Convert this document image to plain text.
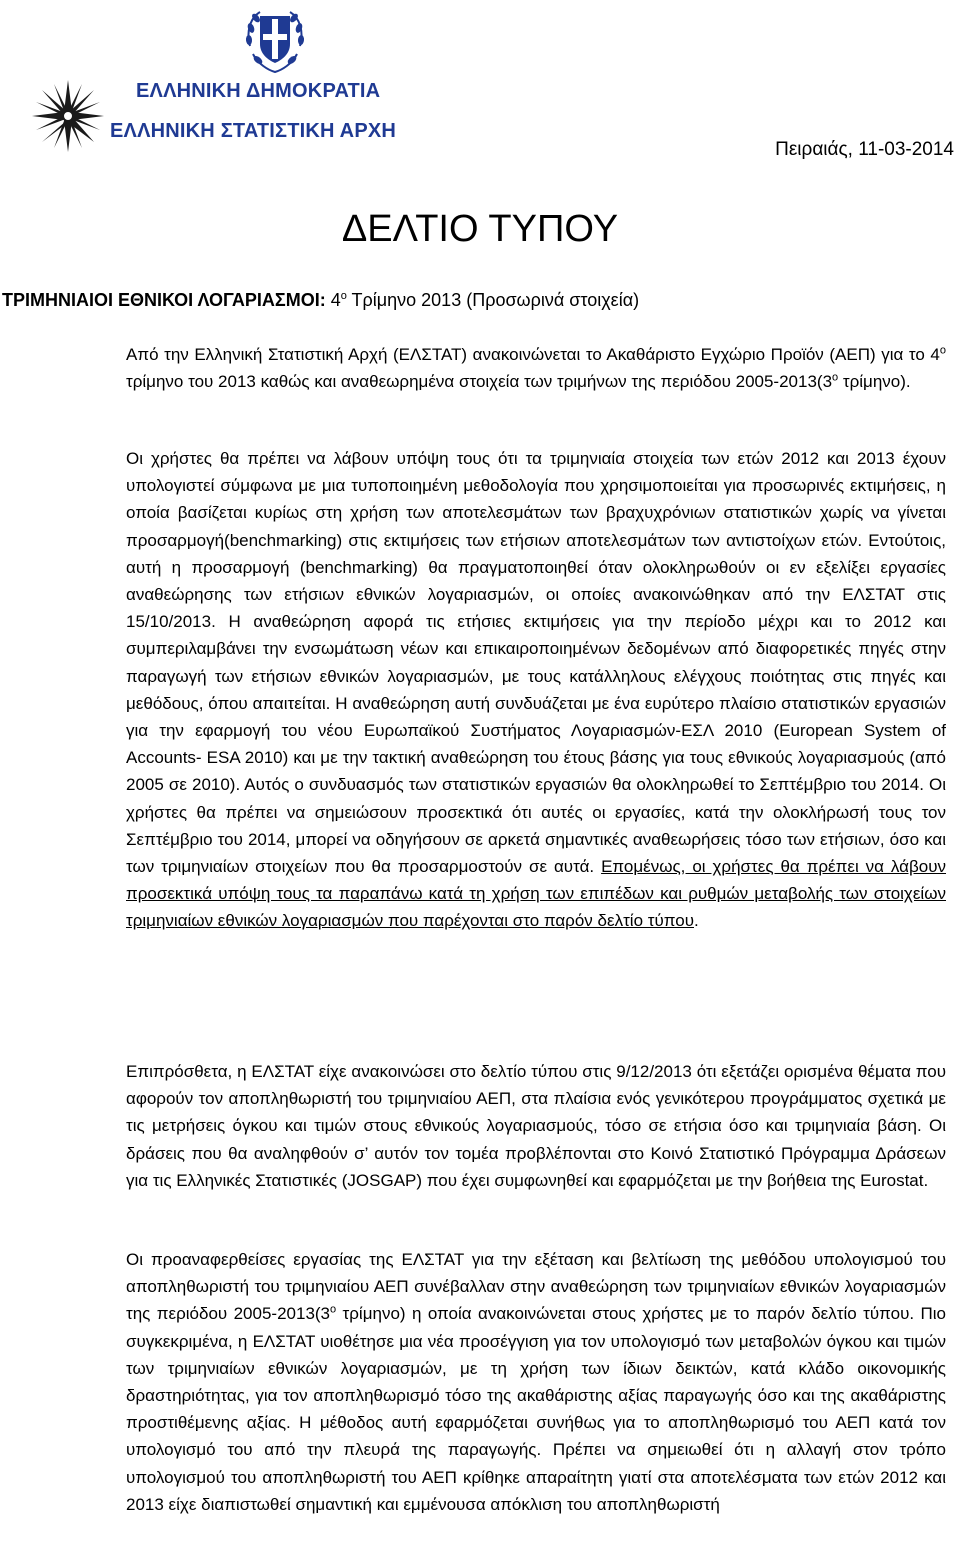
ΕΛΛΗΝΙΚΗ ΔΗΜΟΚΡΑΤΙΑ
ΕΛΛΗΝΙΚΗ ΣΤΑΤΙΣΤΙΚΗ ΑΡΧΗ
Πειραιάς, 11-03-2014
ΔΕΛΤΙΟ ΤΥΠΟΥ
ΤΡΙΜΗΝΙΑΙΟΙ ΕΘΝΙΚΟΙ ΛΟΓΑΡΙΑΣΜΟΙ: $4^o$ Τρίμηνο 2013 (Προσωρινά στοιχεία)
Από την Ελληνική Στατιστική Αρχή (ΕΛΣΤΑΤ) ανακοινώνεται το Ακαθάριστο Εγχώριο Προϊόν (ΑΕΠ) για το $4^o$ τρίμηνο του 2013 καθώς και αναθεωρημένα στοιχεία των τριμήνων της περιόδου $2005-2013(3^o$ τρίμηνο).
Οι χρήστες θα πρέπει να λάβουν υπόψη τους ότι τα τριμηνιαία στοιχεία των ετών 2012 και 2013 έχουν υπολογιστεί σύμφωνα με μια τυποποιημένη μεθοδολογία που χρησιμοποιείται για προσωρινές εκτιμήσεις, η οποία βασίζεται κυρίως στη χρήση των αποτελεσμάτων των βραχυχρόνιων στατιστικών χωρίς να γίνεται προσαρμογή(benchmarking) στις εκτιμήσεις των ετήσιων αποτελεσμάτων των αντιστοίχων ετών. Εντούτοις, αυτή η προσαρμογή (benchmarking) θα πραγματοποιηθεί όταν ολοκληρωθούν οι εν εξελίξει εργασίες αναθεώρησης των ετήσιων εθνικών λογαριασμών, οι οποίες ανακοινώθηκαν από την ΕΛΣΤΑΤ στις 15/10/2013. Η αναθεώρηση αφορά τις ετήσιες εκτιμήσεις για την περίοδο μέχρι και το 2012 και συμπεριλαμβάνει την ενσωμάτωση νέων και επικαιροποιημένων δεδομένων από διαφορετικές πηγές στην παραγωγή των ετήσιων εθνικών λογαριασμών, με τους κατάλληλους ελέγχους ποιότητας στις πηγές και μεθόδους, όπου απαιτείται. Η αναθεώρηση αυτή συνδυάζεται με ένα ευρύτερο πλαίσιο στατιστικών εργασιών για την εφαρμογή του νέου Ευρωπαϊκού Συστήματος Λογαριασμών-ΕΣΛ 2010 (European System of Accounts- ESA 2010) και με την τακτική αναθεώρηση του έτους βάσης για τους εθνικούς λογαριασμούς (από 2005 σε 2010). Αυτός ο συνδυασμός των στατιστικών εργασιών θα ολοκληρωθεί το Σεπτέμβριο του 2014. Οι χρήστες θα πρέπει να σημειώσουν προσεκτικά ότι αυτές οι εργασίες, κατά την ολοκλήρωσή τους τον Σεπτέμβριο του 2014, μπορεί να οδηγήσουν σε αρκετά σημαντικές αναθεωρήσεις τόσο των ετήσιων, όσο και των τριμηνιαίων στοιχείων που θα προσαρμοστούν σε αυτά. Επομένως, οι χρήστες θα πρέπει να λάβουν προσεκτικά υπόψη τους τα παραπάνω κατά τη χρήση των επιπέδων και ρυθμών μεταβολής των στοιχείων τριμηνιαίων εθνικών λογαριασμών που παρέχονται στο παρόν δελτίο τύπου.
Επιπρόσθετα, η ΕΛΣΤΑΤ είχε ανακοινώσει στο δελτίο τύπου στις 9/12/2013 ότι εξετάζει ορισμένα θέματα που αφορούν τον αποπληθωριστή του τριμηνιαίου ΑΕΠ, στα πλαίσια ενός γενικότερου προγράμματος σχετικά με τις μετρήσεις όγκου και τιμών στους εθνικούς λογαριασμούς, τόσο σε ετήσια όσο και τριμηνιαία βάση. Οι δράσεις που θα αναληφθούν σ’ αυτόν τον τομέα προβλέπονται στο Κοινό Στατιστικό Πρόγραμμα Δράσεων για τις Ελληνικές Στατιστικές (JOSGAP) που έχει συμφωνηθεί και εφαρμόζεται με την βοήθεια της Eurostat.
Οι προαναφερθείσες εργασίας της ΕΛΣΤΑΤ για την εξέταση και βελτίωση της μεθόδου υπολογισμού του αποπληθωριστή του τριμηνιαίου ΑΕΠ συνέβαλλαν στην αναθεώρηση των τριμηνιαίων εθνικών λογαριασμών της περιόδου $2005-2013(3^o$ τρίμηνο) η οποία ανακοινώνεται στους χρήστες με το παρόν δελτίο τύπου. Πιο συγκεκριμένα, η ΕΛΣΤΑΤ υιοθέτησε μια νέα προσέγγιση για τον υπολογισμό των μεταβολών όγκου και τιμών των τριμηνιαίων εθνικών λογαριασμών, με τη χρήση των ίδιων δεικτών, κατά κλάδο οικονομικής δραστηριότητας, για τον αποπληθωρισμό τόσο της ακαθάριστης αξίας παραγωγής όσο και της ακαθάριστης προστιθέμενης αξίας. Η μέθοδος αυτή εφαρμόζεται συνήθως για το αποπληθωρισμό του ΑΕΠ κατά τον υπολογισμό του από την πλευρά της παραγωγής. Πρέπει να σημειωθεί ότι η αλλαγή στον τρόπο υπολογισμού του αποπληθωριστή του ΑΕΠ κρίθηκε απαραίτητη γιατί στα αποτελέσματα των ετών 2012 και 2013 είχε διαπιστωθεί σημαντική και εμμένουσα απόκλιση του αποπληθωριστή
